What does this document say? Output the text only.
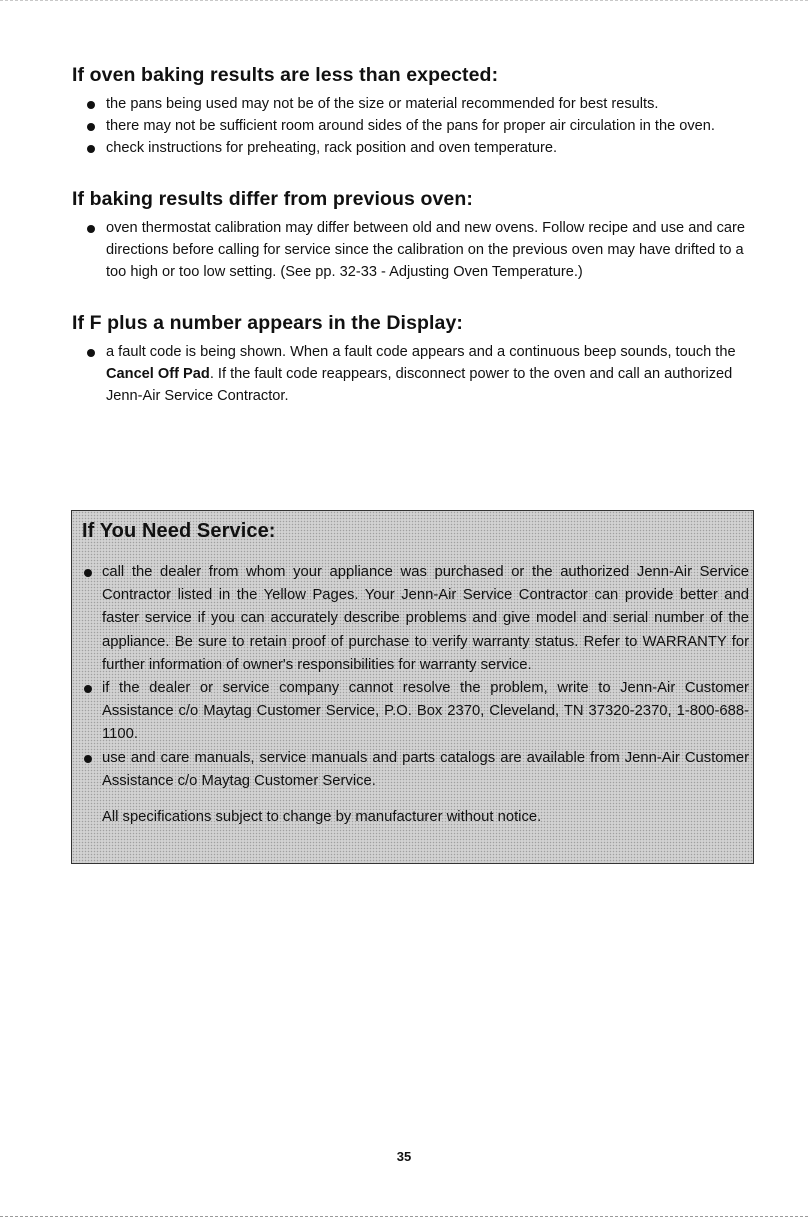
If oven baking results are less than expected:
the pans being used may not be of the size or material recommended for best results.
there may not be sufficient room around sides of the pans for proper air circulation in the oven.
check instructions for preheating, rack position and oven temperature.
If baking results differ from previous oven:
oven thermostat calibration may differ between old and new ovens. Follow recipe and use and care directions before calling for service since the calibration on the previous oven may have drifted to a too high or too low setting. (See pp. 32-33 - Adjusting Oven Temperature.)
If F plus a number appears in the Display:
a fault code is being shown. When a fault code appears and a continuous beep sounds, touch the Cancel Off Pad. If the fault code reappears, disconnect power to the oven and call an authorized Jenn-Air Service Contractor.
If You Need Service:
call the dealer from whom your appliance was purchased or the authorized Jenn-Air Service Contractor listed in the Yellow Pages. Your Jenn-Air Service Contractor can provide better and faster service if you can accurately describe problems and give model and serial number of the appliance. Be sure to retain proof of purchase to verify warranty status. Refer to WARRANTY for further information of owner's responsibilities for warranty service.
if the dealer or service company cannot resolve the problem, write to Jenn-Air Customer Assistance c/o Maytag Customer Service, P.O. Box 2370, Cleveland, TN 37320-2370, 1-800-688-1100.
use and care manuals, service manuals and parts catalogs are available from Jenn-Air Customer Assistance c/o Maytag Customer Service.
All specifications subject to change by manufacturer without notice.
35
